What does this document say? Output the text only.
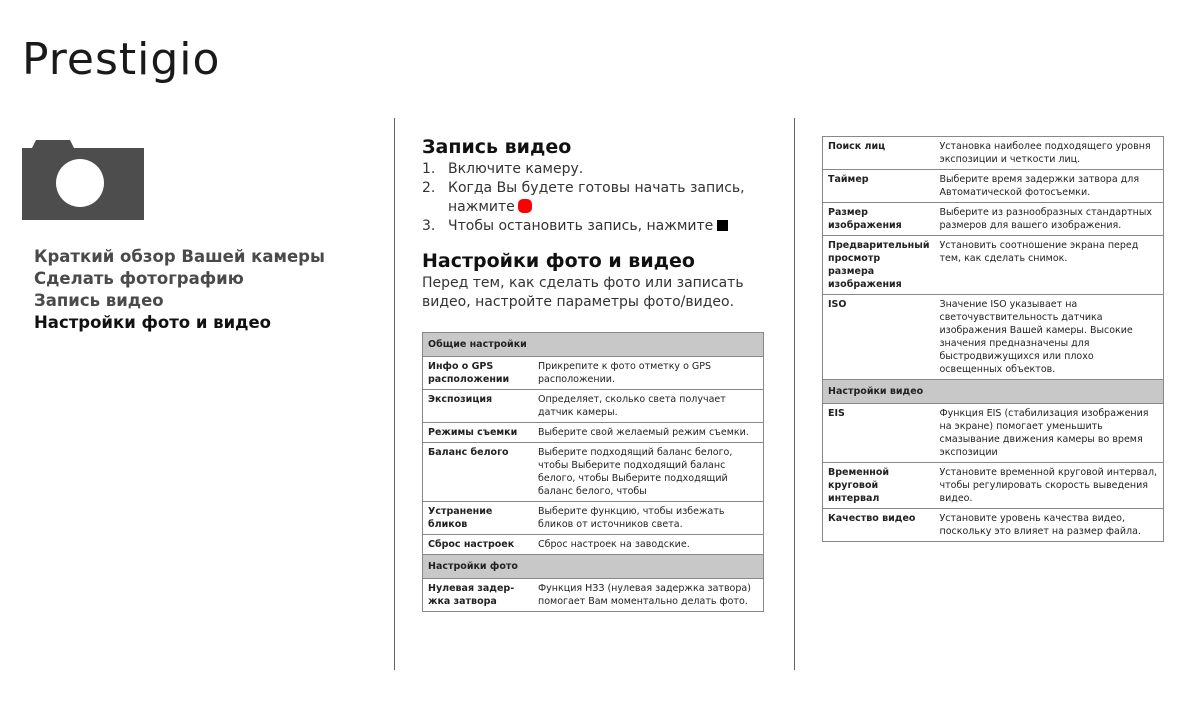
Prestigio
Краткий обзор Вашей камеры
Сделать фотографию
Запись видео
Настройки фото и видео
Запись видео
1. Включите камеру.
2. Когда Вы будете готовы начать запись, нажмите
3. Чтобы остановить запись, нажмите
Настройки фото и видео
Перед тем, как сделать фото или записать видео, настройте параметры фото/видео.
Общие настройки	
Инфо о GPS расположении	Прикрепите к фото отметку о GPS расположении.
Экспозиция	Определяет, сколько света получает датчик камеры.
Режимы съемки	Выберите свой желаемый режим съемки.
Баланс белого	Выберите подходящий баланс белого, чтобы Выберите подходящий баланс белого, чтобы Выберите подходящий баланс белого, чтобы
Устранение бликов	Выберите функцию, чтобы избежать бликов от источников света.
Сброс настроек	Сброс настроек на заводские.
Настройки фото	
Нулевая задер-жка затвора	Функция НЗЗ (нулевая задержка затвора) помогает Вам моментально делать фото.
Поиск лиц	Установка наиболее подходящего уровня экспозиции и четкости лиц.
Таймер	Выберите время задержки затвора для Автоматической фотосъемки.
Размер изображения	Выберите из разнообразных стандартных размеров для вашего изображения.
Предварительный просмотр размера изображения	Установить соотношение экрана перед тем, как сделать снимок.
ISO	Значение ISO указывает на светочувствительность датчика изображения Вашей камеры. Высокие значения предназначены для быстродвижущихся или плохо освещенных объектов.
Настройки видео	
EIS	Функция EIS (стабилизация изображения на экране) помогает уменьшить смазывание движения камеры во время экспозиции
Временной круговой интервал	Установите временной круговой интервал, чтобы регулировать скорость выведения видео.
Качество видео	Установите уровень качества видео, поскольку это влияет на размер файла.
